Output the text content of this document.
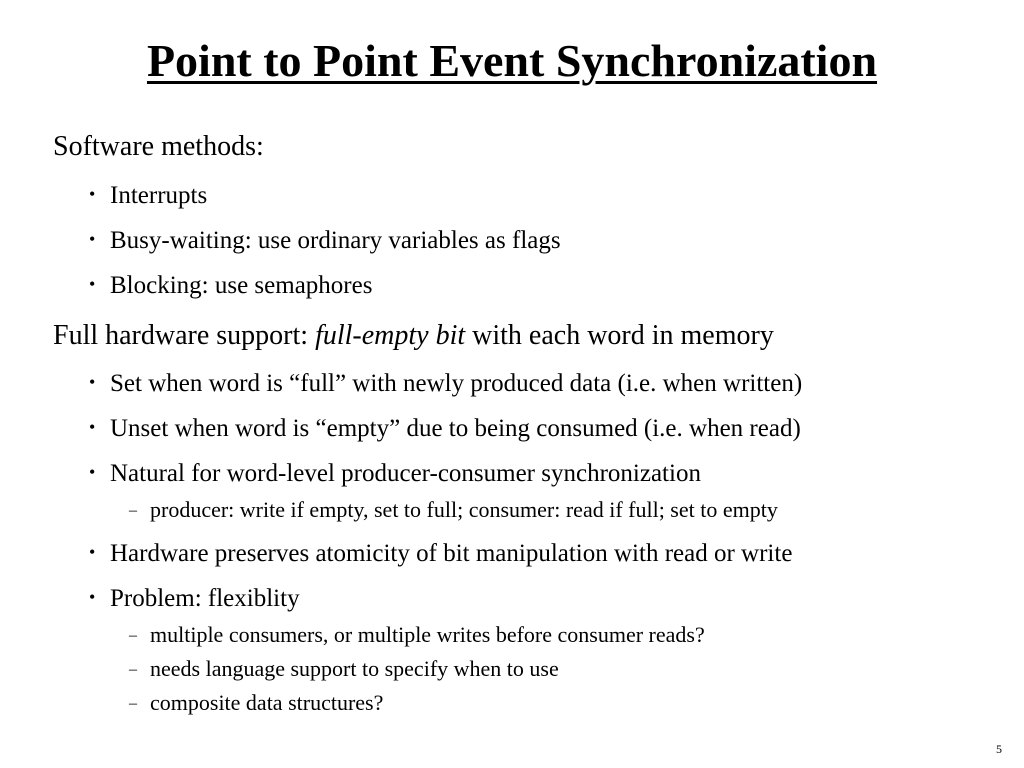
Point to Point Event Synchronization
Software methods:
• Interrupts
• Busy-waiting: use ordinary variables as flags
• Blocking: use semaphores
Full hardware support: full-empty bit with each word in memory
• Set when word is “full” with newly produced data (i.e. when written)
• Unset when word is “empty” due to being consumed (i.e. when read)
• Natural for word-level producer-consumer synchronization
– producer: write if empty, set to full; consumer: read if full; set to empty
• Hardware preserves atomicity of bit manipulation with read or write
• Problem: flexiblity
– multiple consumers, or multiple writes before consumer reads?
– needs language support to specify when to use
– composite data structures?
5
